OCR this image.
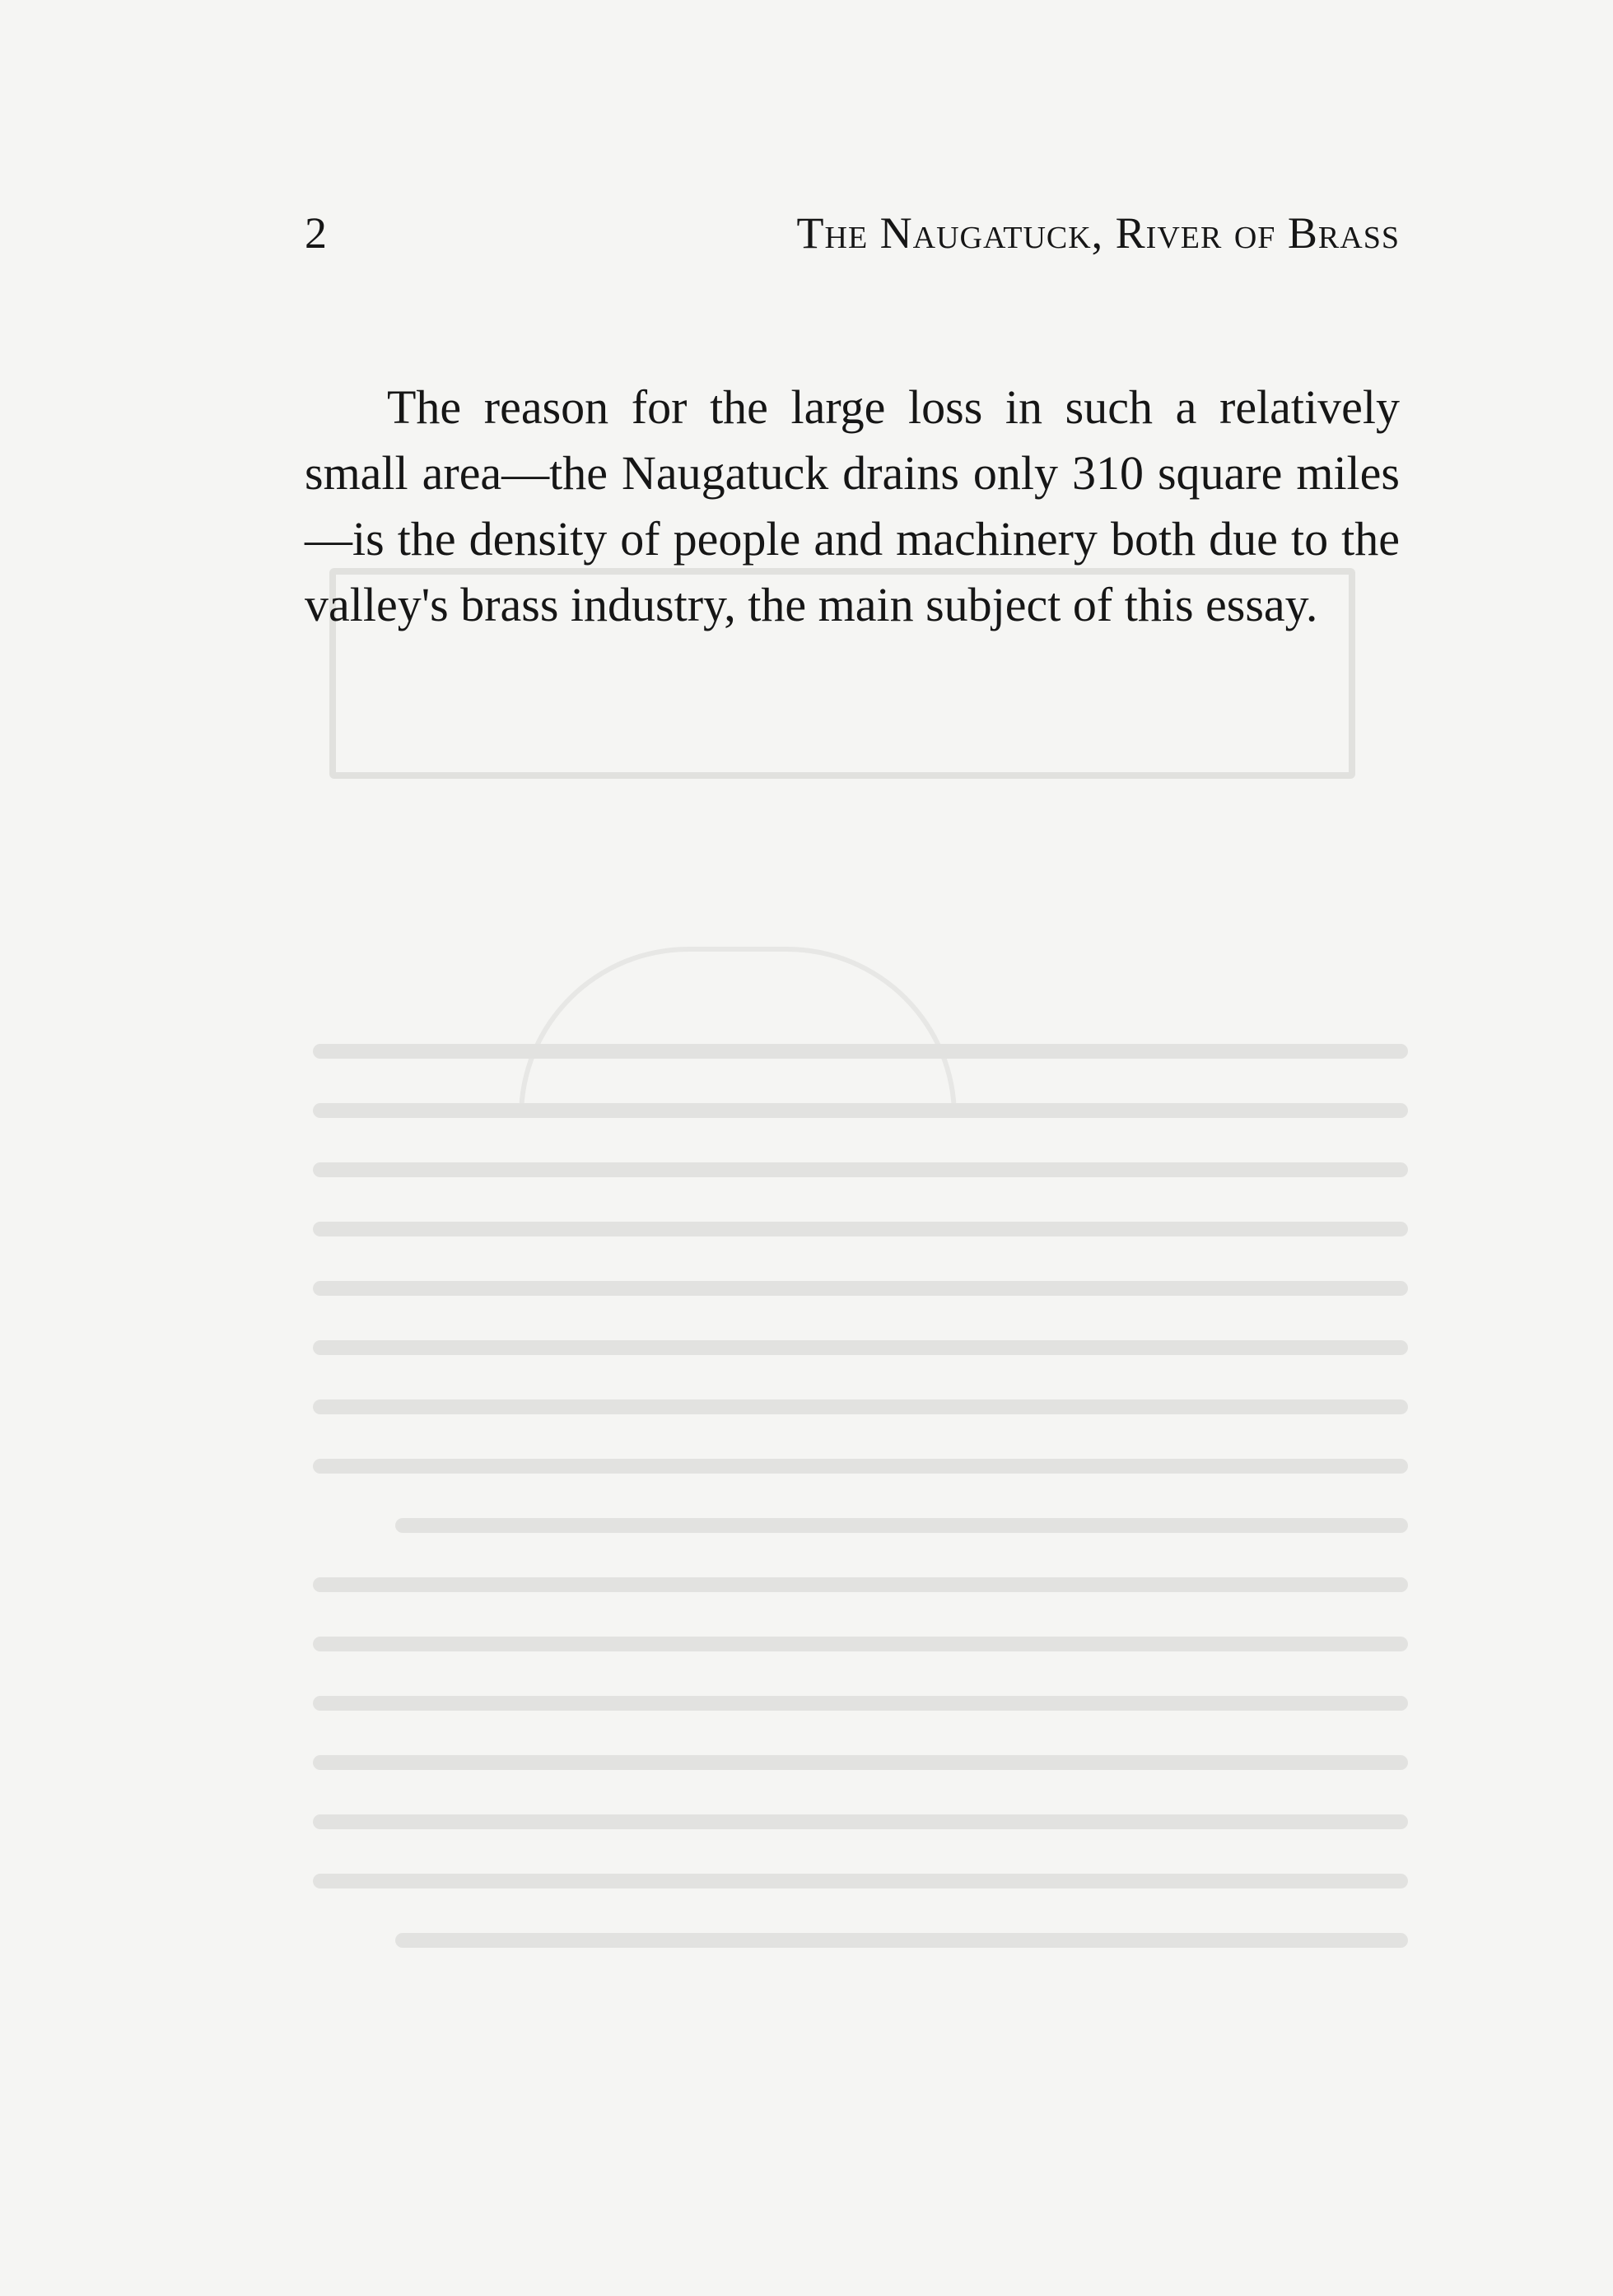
2	The Naugatuck, River of Brass

The reason for the large loss in such a relatively small area—the Naugatuck drains only 310 square miles—is the density of people and machinery both due to the valley's brass industry, the main subject of this essay.
